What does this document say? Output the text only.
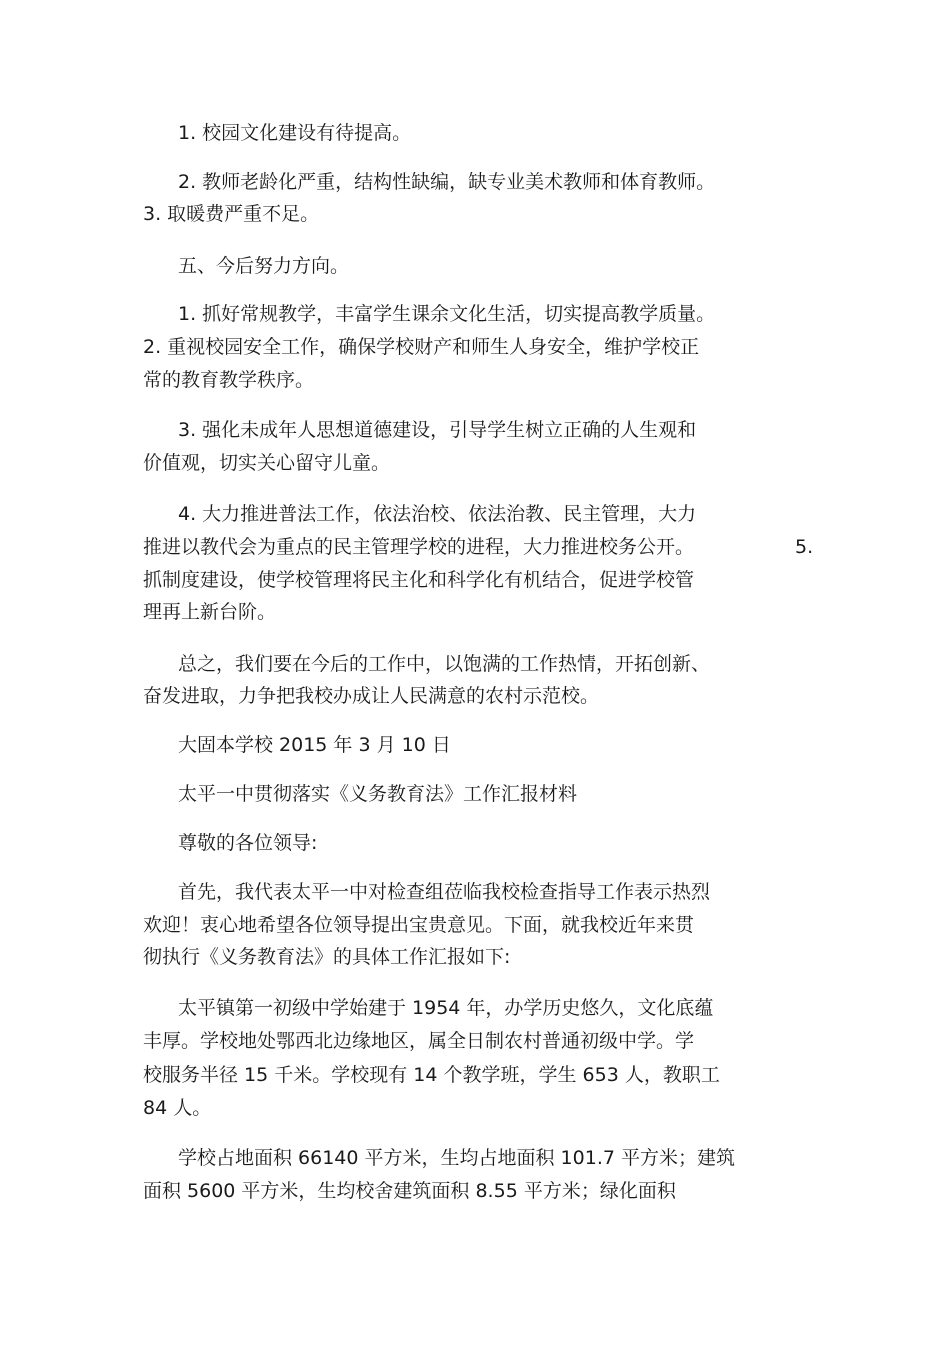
1. 校园文化建设有待提高。

2. 教师老龄化严重，结构性缺编，缺专业美术教师和体育教师。

3. 取暖费严重不足。

五、今后努力方向。

1. 抓好常规教学，丰富学生课余文化生活，切实提高教学质量。

2. 重视校园安全工作，确保学校财产和师生人身安全，维护学校正

常的教育教学秩序。

3. 强化未成年人思想道德建设，引导学生树立正确的人生观和

价值观，切实关心留守儿童。

4. 大力推进普法工作，依法治校、依法治教、民主管理，大力

推进以教代会为重点的民主管理学校的进程，大力推进校务公开。	5.

抓制度建设，使学校管理将民主化和科学化有机结合，促进学校管

理再上新台阶。

总之，我们要在今后的工作中，以饱满的工作热情，开拓创新、

奋发进取，力争把我校办成让人民满意的农村示范校。

大固本学校 2015 年 3 月 10 日

太平一中贯彻落实《义务教育法》工作汇报材料

尊敬的各位领导:

首先，我代表太平一中对检查组莅临我校检查指导工作表示热烈

欢迎！衷心地希望各位领导提出宝贵意见。下面，就我校近年来贯

彻执行《义务教育法》的具体工作汇报如下:

太平镇第一初级中学始建于 1954 年，办学历史悠久，文化底蕴

丰厚。学校地处鄂西北边缘地区，属全日制农村普通初级中学。学

校服务半径 15 千米。学校现有 14 个教学班，学生 653 人，教职工

84 人。

学校占地面积 66140 平方米，生均占地面积 101.7 平方米；建筑

面积 5600 平方米，生均校舍建筑面积 8.55 平方米；绿化面积
